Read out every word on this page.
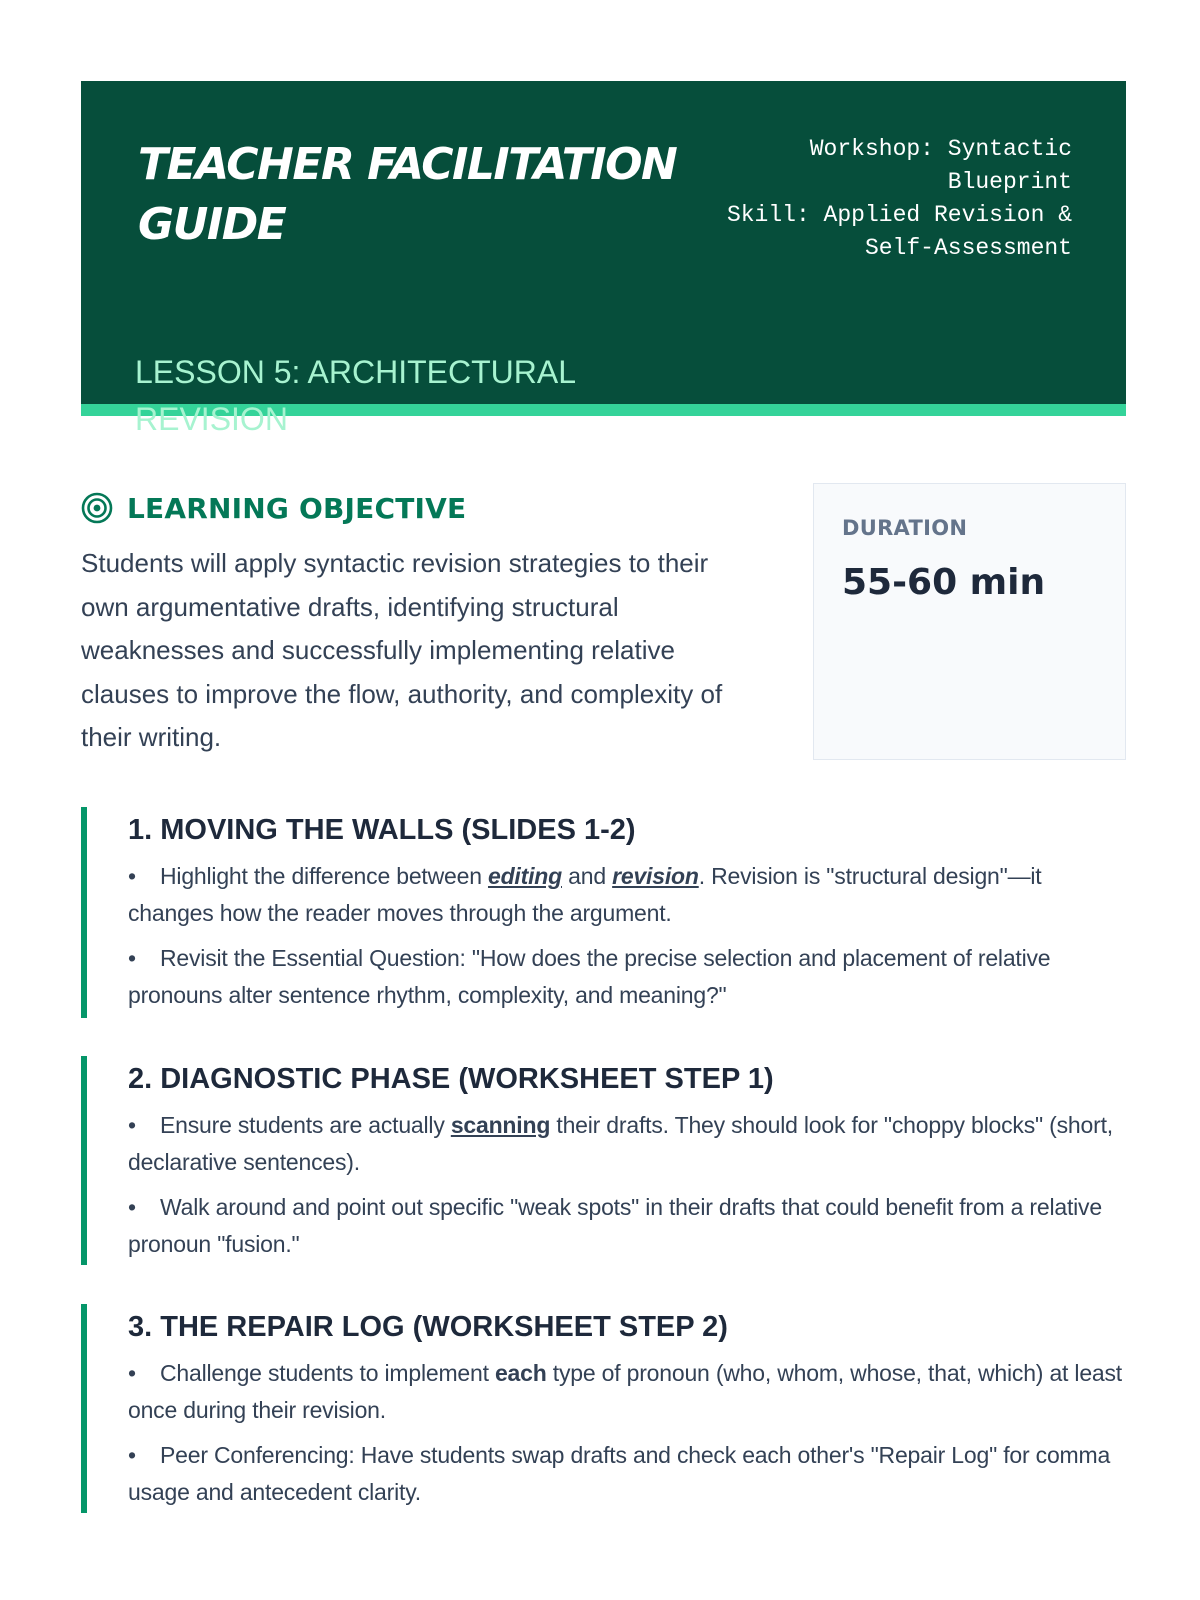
TEACHER FACILITATION GUIDE
LESSON 5: ARCHITECTURAL REVISION
Workshop: Syntactic Blueprint
Skill: Applied Revision & Self-Assessment
LEARNING OBJECTIVE

Students will apply syntactic revision strategies to their own argumentative drafts, identifying structural weaknesses and successfully implementing relative clauses to improve the flow, authority, and complexity of their writing.

DURATION
55-60 min
1. MOVING THE WALLS (SLIDES 1-2)
• Highlight the difference between editing and revision. Revision is "structural design"—it changes how the reader moves through the argument.
• Revisit the Essential Question: "How does the precise selection and placement of relative pronouns alter sentence rhythm, complexity, and meaning?"
2. DIAGNOSTIC PHASE (WORKSHEET STEP 1)
• Ensure students are actually scanning their drafts. They should look for "choppy blocks" (short, declarative sentences).
• Walk around and point out specific "weak spots" in their drafts that could benefit from a relative pronoun "fusion."
3. THE REPAIR LOG (WORKSHEET STEP 2)
• Challenge students to implement each type of pronoun (who, whom, whose, that, which) at least once during their revision.
• Peer Conferencing: Have students swap drafts and check each other's "Repair Log" for comma usage and antecedent clarity.
